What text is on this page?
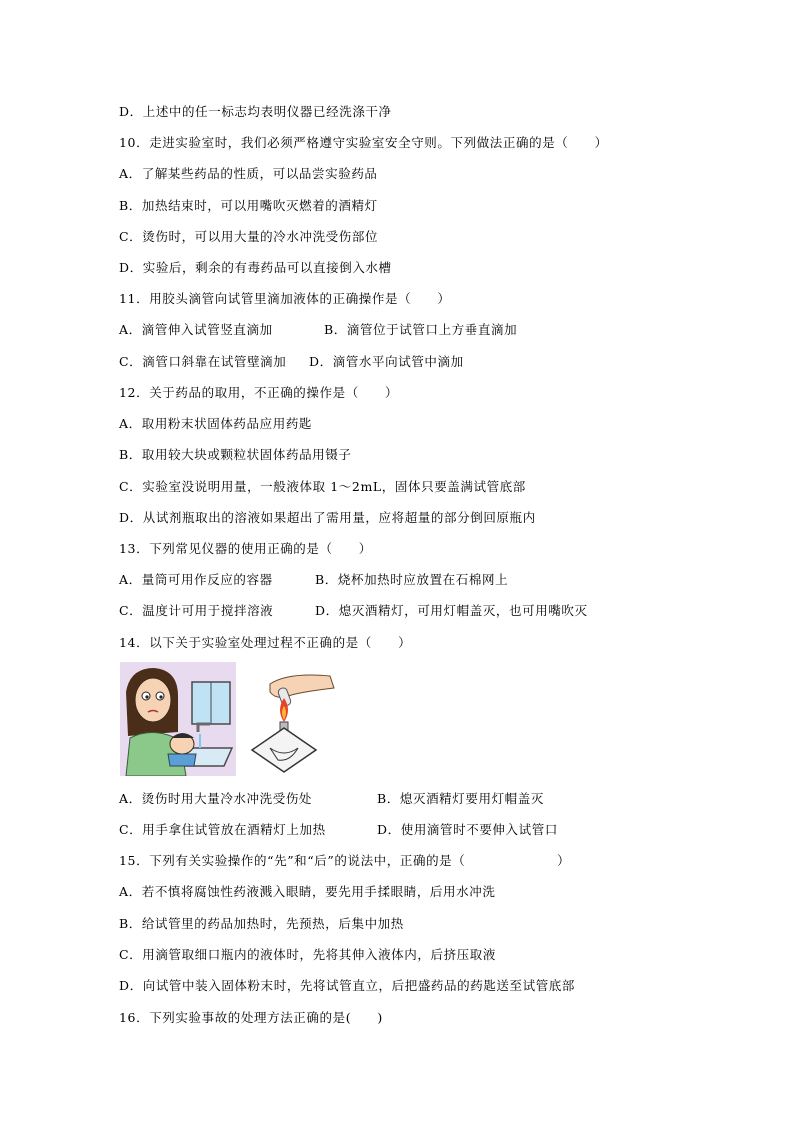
D．上述中的任一标志均表明仪器已经洗涤干净
10．走进实验室时，我们必须严格遵守实验室安全守则。下列做法正确的是（　　）
A．了解某些药品的性质，可以品尝实验药品
B．加热结束时，可以用嘴吹灭燃着的酒精灯
C．烫伤时，可以用大量的冷水冲洗受伤部位
D．实验后，剩余的有毒药品可以直接倒入水槽
11．用胶头滴管向试管里滴加液体的正确操作是（　　）
A．滴管伸入试管竖直滴加	B．滴管位于试管口上方垂直滴加
C．滴管口斜靠在试管壁滴加 D．滴管水平向试管中滴加
12．关于药品的取用，不正确的操作是（　　）
A．取用粉末状固体药品应用药匙
B．取用较大块或颗粒状固体药品用镊子
C．实验室没说明用量，一般液体取 1～2mL，固体只要盖满试管底部
D．从试剂瓶取出的溶液如果超出了需用量，应将超量的部分倒回原瓶内
13．下列常见仪器的使用正确的是（　　）
A．量筒可用作反应的容器	B．烧杯加热时应放置在石棉网上
C．温度计可用于搅拌溶液	D．熄灭酒精灯，可用灯帽盖灭，也可用嘴吹灭
14．以下关于实验室处理过程不正确的是（　　）
A．烫伤时用大量冷水冲洗受伤处	B．熄灭酒精灯要用灯帽盖灭
C．用手拿住试管放在酒精灯上加热	D．使用滴管时不要伸入试管口
15．下列有关实验操作的“先”和“后”的说法中，正确的是（　　　　　　　）
A．若不慎将腐蚀性药液溅入眼睛，要先用手揉眼睛，后用水冲洗
B．给试管里的药品加热时，先预热，后集中加热
C．用滴管取细口瓶内的液体时，先将其伸入液体内，后挤压取液
D．向试管中装入固体粉末时，先将试管直立，后把盛药品的药匙送至试管底部
16．下列实验事故的处理方法正确的是(　　)
